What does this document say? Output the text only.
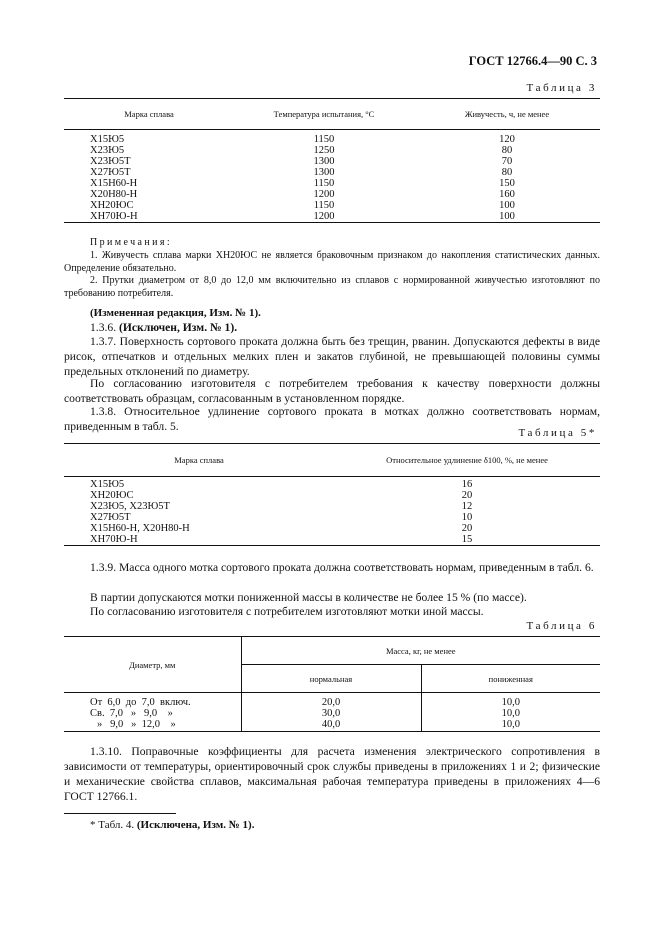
ГОСТ 12766.4—90 С. 3
Таблица 3
Марка сплава	Температура испытания, °С	Живучесть, ч, не менее

Х15Ю5	1150	120
Х23Ю5	1250	80
Х23Ю5Т	1300	70
Х27Ю5Т	1300	80
Х15Н60-Н	1150	150
Х20Н80-Н	1200	160
ХН20ЮС	1150	100
ХН70Ю-Н	1200	100
Примечания:
1. Живучесть сплава марки ХН20ЮС не является браковочным признаком до накопления статистических данных. Определение обязательно.
2. Прутки диаметром от 8,0 до 12,0 мм включительно из сплавов с нормированной живучестью изготовляют по требованию потребителя.

(Измененная редакция, Изм. № 1).

1.3.6. (Исключен, Изм. № 1).

1.3.7. Поверхность сортового проката должна быть без трещин, рванин. Допускаются дефекты в виде рисок, отпечатков и отдельных мелких плен и закатов глубиной, не превышающей половины суммы предельных отклонений по диаметру.

По согласованию изготовителя с потребителем требования к качеству поверхности должны соответствовать образцам, согласованным в установленном порядке.

1.3.8. Относительное удлинение сортового проката в мотках должно соответствовать нормам, приведенным в табл. 5.	Таблица 5*
Марка сплава	Относительное удлинение δ100, %, не менее

Х15Ю5	16
ХН20ЮС	20
Х23Ю5, Х23Ю5Т	12
Х27Ю5Т	10
Х15Н60-Н, Х20Н80-Н	20
ХН70Ю-Н	15

1.3.9. Масса одного мотка сортового проката должна соответствовать нормам, приведенным в табл. 6.

В партии допускаются мотки пониженной массы в количестве не более 15 % (по массе).

По согласованию изготовителя с потребителем изготовляют мотки иной массы.

Таблица 6
Диаметр, мм	Масса, кг, не менее	
	нормальная	пониженная

От  6,0  до  7,0  включ.	20,0	10,0
Св.  7,0   »   9,0    »	30,0	10,0
»   9,0   »  12,0    »	40,0	10,0

1.3.10. Поправочные коэффициенты для расчета изменения электрического сопротивления в зависимости от температуры, ориентировочный срок службы приведены в приложениях 1 и 2; физические и механические свойства сплавов, максимальная рабочая температура приведены в приложениях 4—6 ГОСТ 12766.1.

* Табл. 4. (Исключена, Изм. № 1).
